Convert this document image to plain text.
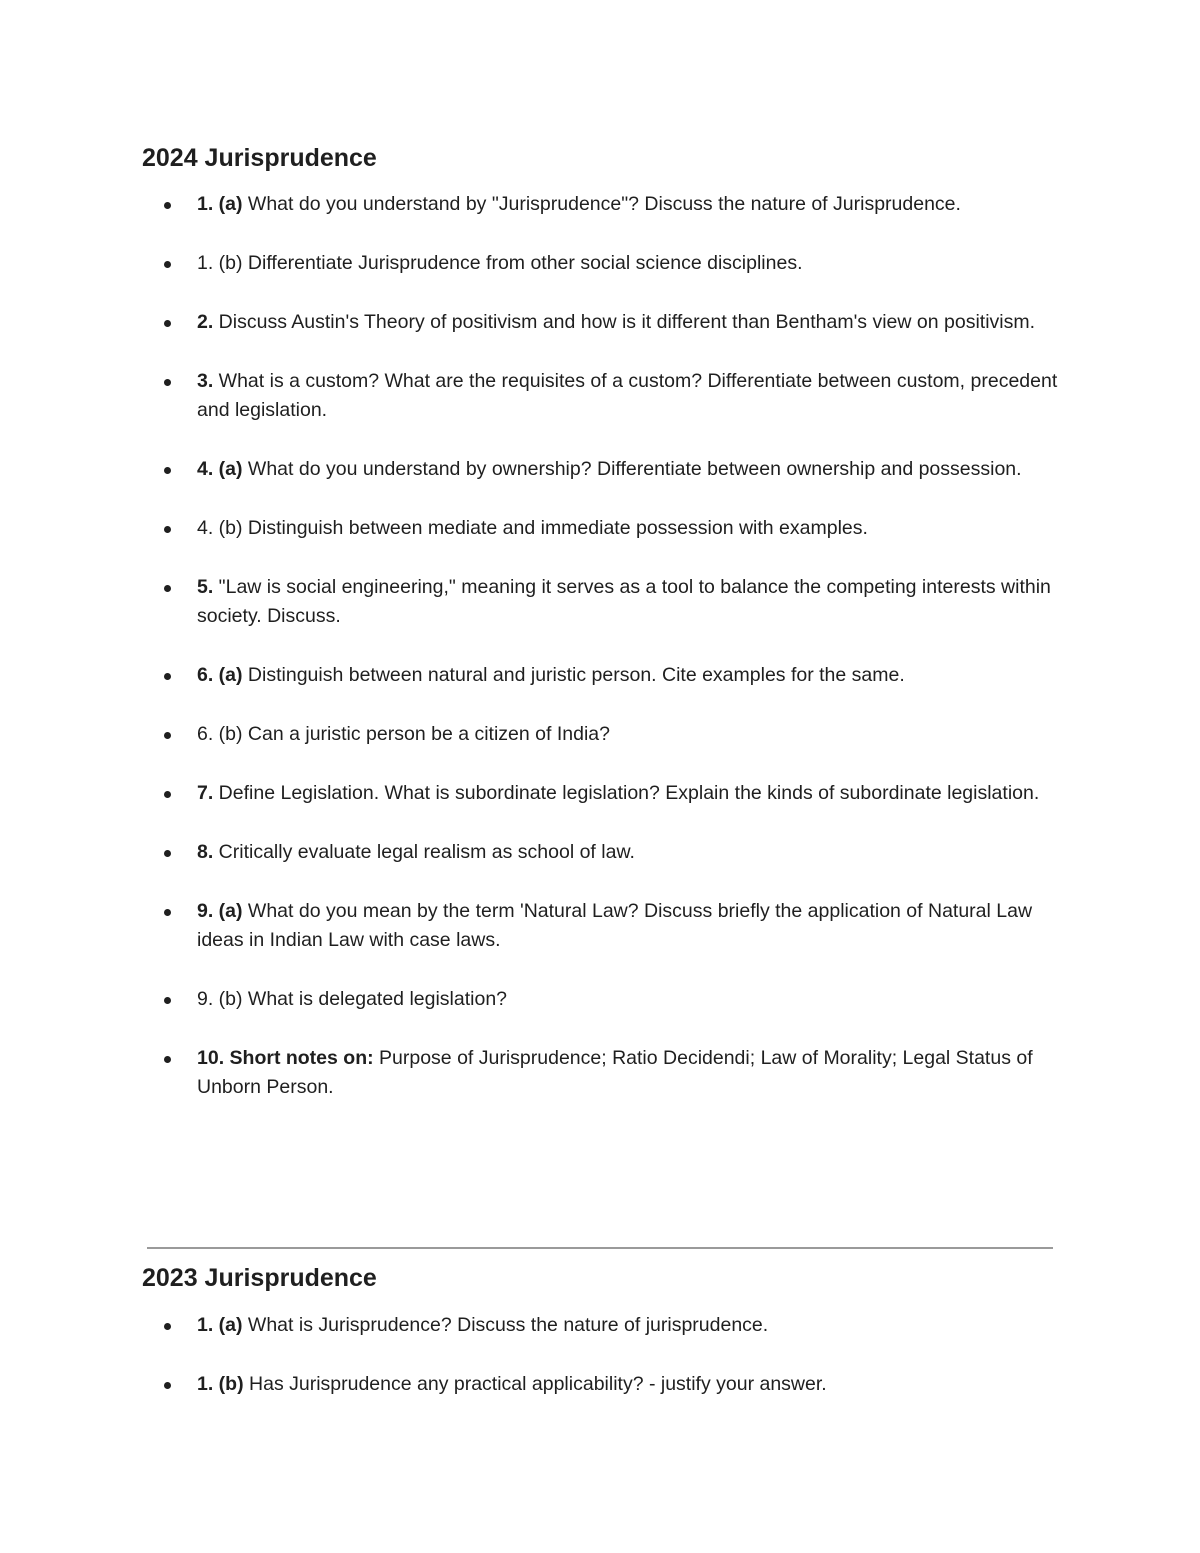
2024 Jurisprudence
1. (a) What do you understand by "Jurisprudence"? Discuss the nature of Jurisprudence.
1. (b) Differentiate Jurisprudence from other social science disciplines.
2. Discuss Austin's Theory of positivism and how is it different than Bentham's view on positivism.
3. What is a custom? What are the requisites of a custom? Differentiate between custom, precedent and legislation.
4. (a) What do you understand by ownership? Differentiate between ownership and possession.
4. (b) Distinguish between mediate and immediate possession with examples.
5. "Law is social engineering," meaning it serves as a tool to balance the competing interests within society. Discuss.
6. (a) Distinguish between natural and juristic person. Cite examples for the same.
6. (b) Can a juristic person be a citizen of India?
7. Define Legislation. What is subordinate legislation? Explain the kinds of subordinate legislation.
8. Critically evaluate legal realism as school of law.
9. (a) What do you mean by the term 'Natural Law? Discuss briefly the application of Natural Law ideas in Indian Law with case laws.
9. (b) What is delegated legislation?
10. Short notes on: Purpose of Jurisprudence; Ratio Decidendi; Law of Morality; Legal Status of Unborn Person.
2023 Jurisprudence
1. (a) What is Jurisprudence? Discuss the nature of jurisprudence.
1. (b) Has Jurisprudence any practical applicability? - justify your answer.
